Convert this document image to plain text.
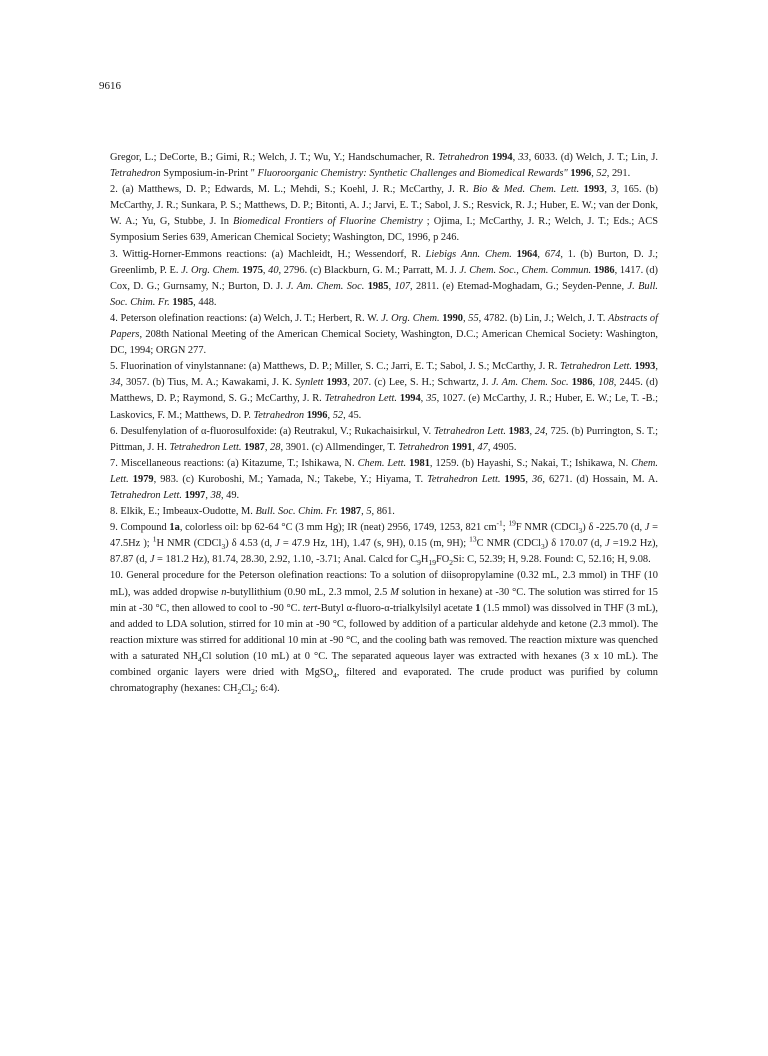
9616

Gregor, L.; DeCorte, B.; Gimi, R.; Welch, J. T.; Wu, Y.; Handschumacher, R. Tetrahedron 1994, 33, 6033. (d) Welch, J. T.; Lin, J. Tetrahedron Symposium-in-Print " Fluoroorganic Chemistry: Synthetic Challenges and Biomedical Rewards" 1996, 52, 291.

2. (a) Matthews, D. P.; Edwards, M. L.; Mehdi, S.; Koehl, J. R.; McCarthy, J. R. Bio & Med. Chem. Lett. 1993, 3, 165. (b) McCarthy, J. R.; Sunkara, P. S.; Matthews, D. P.; Bitonti, A. J.; Jarvi, E. T.; Sabol, J. S.; Resvick, R. J.; Huber, E. W.; van der Donk, W. A.; Yu, G, Stubbe, J. In Biomedical Frontiers of Fluorine Chemistry ; Ojima, I.; McCarthy, J. R.; Welch, J. T.; Eds.; ACS Symposium Series 639, American Chemical Society; Washington, DC, 1996, p 246.

3. Wittig-Horner-Emmons reactions: (a) Machleidt, H.; Wessendorf, R. Liebigs Ann. Chem. 1964, 674, 1. (b) Burton, D. J.; Greenlimb, P. E. J. Org. Chem. 1975, 40, 2796. (c) Blackburn, G. M.; Parratt, M. J. J. Chem. Soc., Chem. Commun. 1986, 1417. (d) Cox, D. G.; Gurnsamy, N.; Burton, D. J. J. Am. Chem. Soc. 1985, 107, 2811. (e) Etemad-Moghadam, G.; Seyden-Penne, J. Bull. Soc. Chim. Fr. 1985, 448.

4. Peterson olefination reactions: (a) Welch, J. T.; Herbert, R. W. J. Org. Chem. 1990, 55, 4782. (b) Lin, J.; Welch, J. T. Abstracts of Papers, 208th National Meeting of the American Chemical Society, Washington, D.C.; American Chemical Society: Washington, DC, 1994; ORGN 277.

5. Fluorination of vinylstannane: (a) Matthews, D. P.; Miller, S. C.; Jarri, E. T.; Sabol, J. S.; McCarthy, J. R. Tetrahedron Lett. 1993, 34, 3057. (b) Tius, M. A.; Kawakami, J. K. Synlett 1993, 207. (c) Lee, S. H.; Schwartz, J. J. Am. Chem. Soc. 1986, 108, 2445. (d) Matthews, D. P.; Raymond, S. G.; McCarthy, J. R. Tetrahedron Lett. 1994, 35, 1027. (e) McCarthy, J. R.; Huber, E. W.; Le, T. -B.; Laskovics, F. M.; Matthews, D. P. Tetrahedron 1996, 52, 45.

6. Desulfenylation of α-fluorosulfoxide: (a) Reutrakul, V.; Rukachaisirkul, V. Tetrahedron Lett. 1983, 24, 725. (b) Purrington, S. T.; Pittman, J. H. Tetrahedron Lett. 1987, 28, 3901. (c) Allmendinger, T. Tetrahedron 1991, 47, 4905.

7. Miscellaneous reactions: (a) Kitazume, T.; Ishikawa, N. Chem. Lett. 1981, 1259. (b) Hayashi, S.; Nakai, T.; Ishikawa, N. Chem. Lett. 1979, 983. (c) Kuroboshi, M.; Yamada, N.; Takebe, Y.; Hiyama, T. Tetrahedron Lett. 1995, 36, 6271. (d) Hossain, M. A. Tetrahedron Lett. 1997, 38, 49.

8. Elkik, E.; Imbeaux-Oudotte, M. Bull. Soc. Chim. Fr. 1987, 5, 861.

9. Compound 1a, colorless oil: bp 62-64 °C (3 mm Hg); IR (neat) 2956, 1749, 1253, 821 $cm^{-1}$; $^{19}$F NMR (CDCl$_3$) δ -225.70 (d, J = 47.5Hz ); $^1$H NMR (CDCl$_3$) δ 4.53 (d, J = 47.9 Hz, 1H), 1.47 (s, 9H), 0.15 (m, 9H); $^{13}$C NMR (CDCl$_3$) δ 170.07 (d, J =19.2 Hz), 87.87 (d, J = 181.2 Hz), 81.74, 28.30, 2.92, 1.10, -3.71; Anal. Calcd for $C_9H_{19}FO_2Si$: C, 52.39; H, 9.28. Found: C, 52.16; H, 9.08.

10. General procedure for the Peterson olefination reactions: To a solution of diisopropylamine (0.32 mL, 2.3 mmol) in THF (10 mL), was added dropwise n-butyllithium (0.90 mL, 2.3 mmol, 2.5 M solution in hexane) at -30 °C. The solution was stirred for 15 min at -30 °C, then allowed to cool to -90 °C. tert-Butyl α-fluoro-α-trialkylsilyl acetate 1 (1.5 mmol) was dissolved in THF (3 mL), and added to LDA solution, stirred for 10 min at -90 °C, followed by addition of a particular aldehyde and ketone (2.3 mmol). The reaction mixture was stirred for additional 10 min at -90 °C, and the cooling bath was removed. The reaction mixture was quenched with a saturated $NH_4Cl$ solution (10 mL) at 0 °C. The separated aqueous layer was extracted with hexanes (3 x 10 mL). The combined organic layers were dried with MgSO$_4$, filtered and evaporated. The crude product was purified by column chromatography (hexanes: $CH_2Cl_2$; 6:4).
